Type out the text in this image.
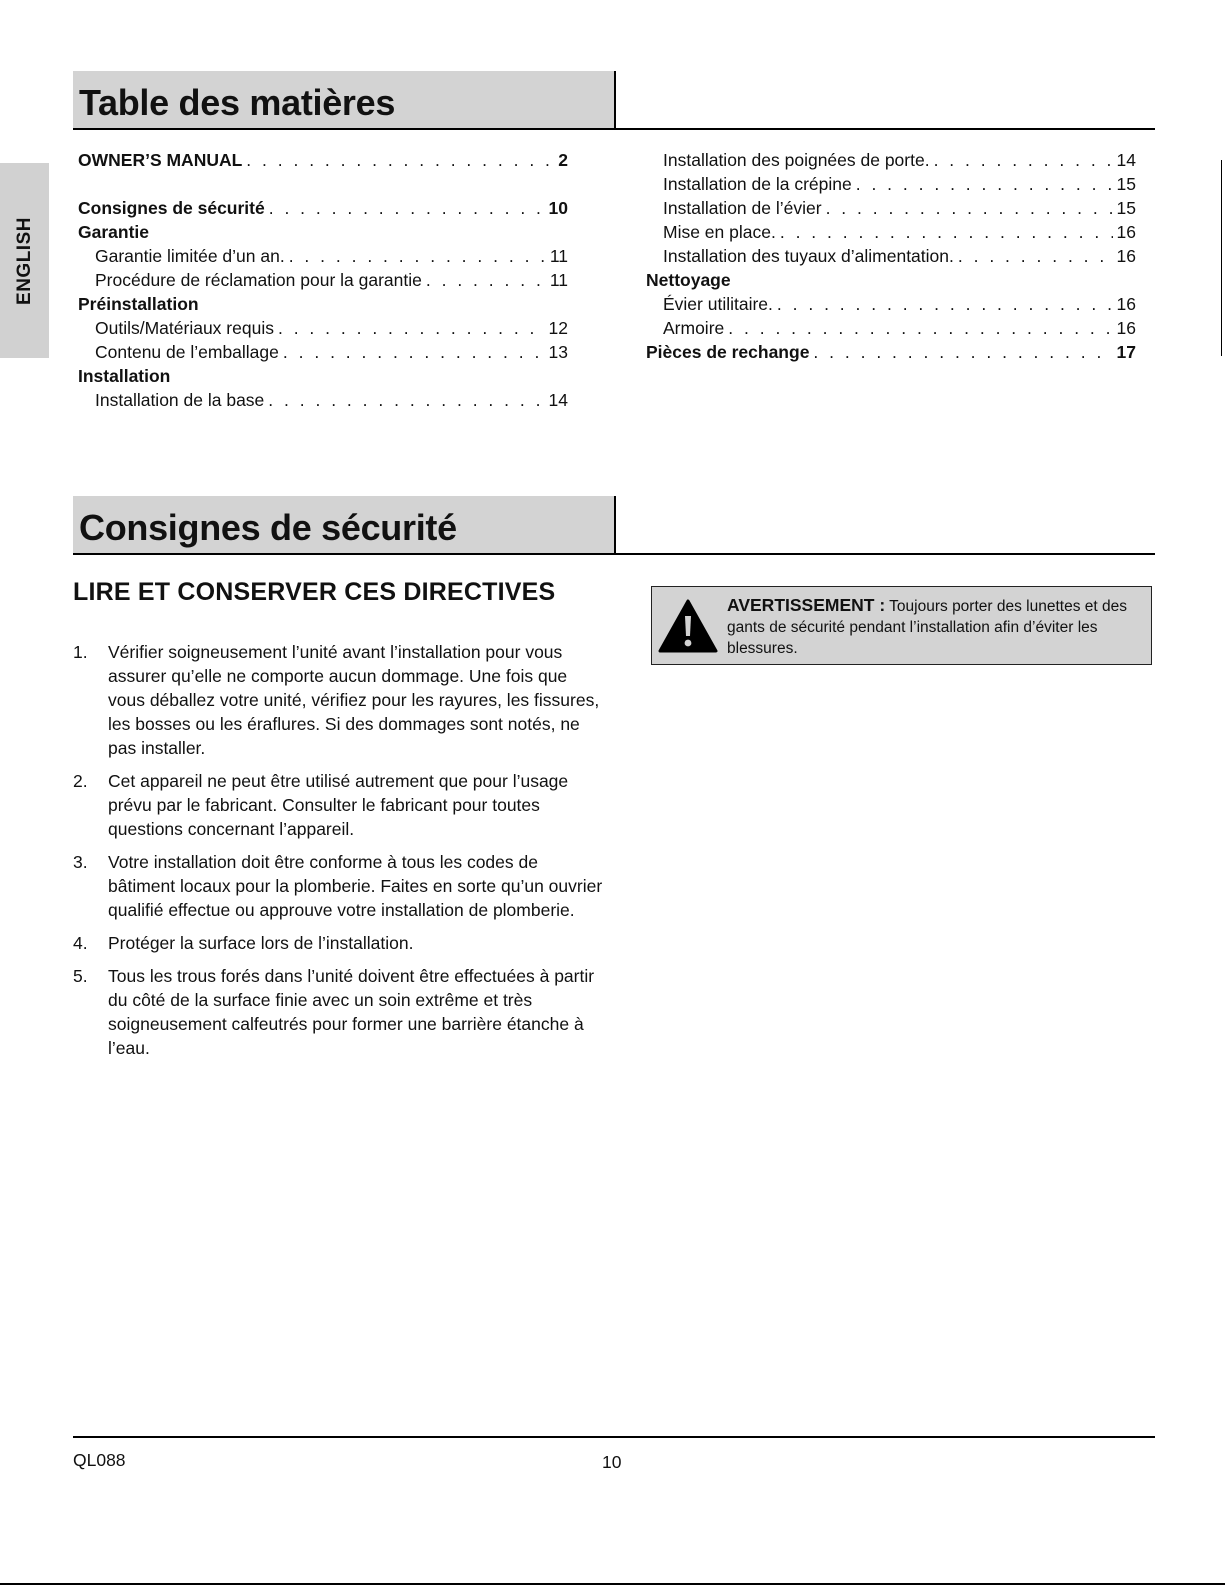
ENGLISH
Table des matières
OWNER’S MANUAL . . .	2
Consignes de sécurité . . .	10
Garantie
Garantie limitée d’un an. . . .	11
Procédure de réclamation pour la garantie . . .	11
Préinstallation
Outils/Matériaux requis . . .	12
Contenu de l’emballage . . .	13
Installation
Installation de la base . . .	14
Installation des poignées de porte. . . .	14
Installation de la crépine . . .	15
Installation de l’évier . . .	15
Mise en place. . . .	16
Installation des tuyaux d’alimentation. . . .	16
Nettoyage
Évier utilitaire. . . .	16
Armoire . . .	16
Pièces de rechange . . .	17
Consignes de sécurité
LIRE ET CONSERVER CES DIRECTIVES
1. Vérifier soigneusement l’unité avant l’installation pour vous assurer qu’elle ne comporte aucun dommage. Une fois que vous déballez votre unité, vérifiez pour les rayures, les fissures, les bosses ou les éraflures. Si des dommages sont notés, ne pas installer.
2. Cet appareil ne peut être utilisé autrement que pour l’usage prévu par le fabricant. Consulter le fabricant pour toutes questions concernant l’appareil.
3. Votre installation doit être conforme à tous les codes de bâtiment locaux pour la plomberie. Faites en sorte qu’un ouvrier qualifié effectue ou approuve votre installation de plomberie.
4. Protéger la surface lors de l’installation.
5. Tous les trous forés dans l’unité doivent être effectuées à partir du côté de la surface finie avec un soin extrême et très soigneusement calfeutrés pour former une barrière étanche à l’eau.
AVERTISSEMENT : Toujours porter des lunettes et des gants de sécurité pendant l’installation afin d’éviter les blessures.
QL088	10
